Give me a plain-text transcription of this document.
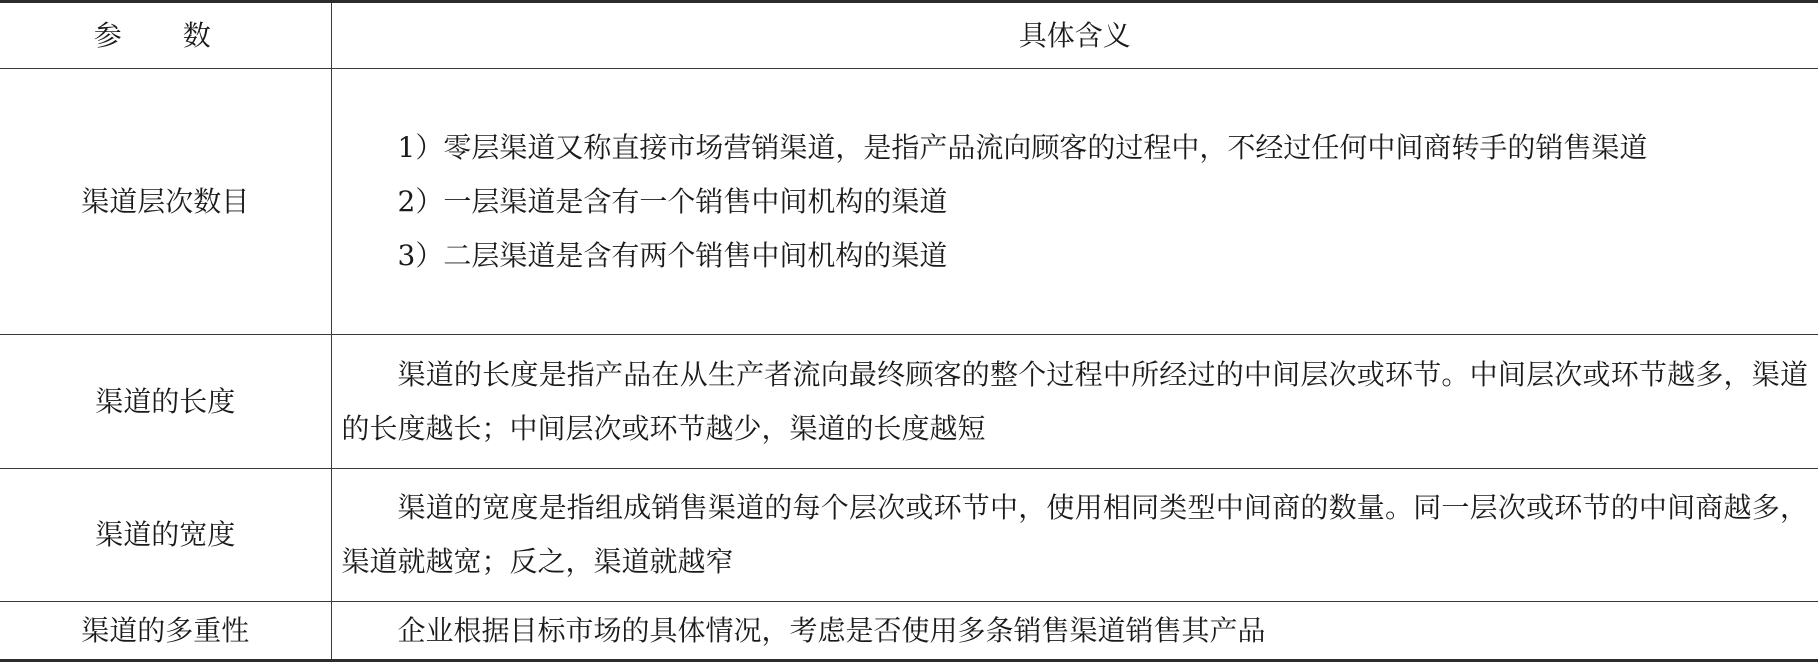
参 数	具体含义
渠道层次数目	1）零层渠道又称直接市场营销渠道，是指产品流向顾客的过程中，不经过任何中间商转手的销售渠道

2）一层渠道是含有一个销售中间机构的渠道

3）二层渠道是含有两个销售中间机构的渠道

渠道的长度	渠道的长度是指产品在从生产者流向最终顾客的整个过程中所经过的中间层次或环节。中间层次或环节越多，渠道的长度越长；中间层次或环节越少，渠道的长度越短

渠道的宽度	渠道的宽度是指组成销售渠道的每个层次或环节中，使用相同类型中间商的数量。同一层次或环节的中间商越多，渠道就越宽；反之，渠道就越窄

渠道的多重性	企业根据目标市场的具体情况，考虑是否使用多条销售渠道销售其产品
